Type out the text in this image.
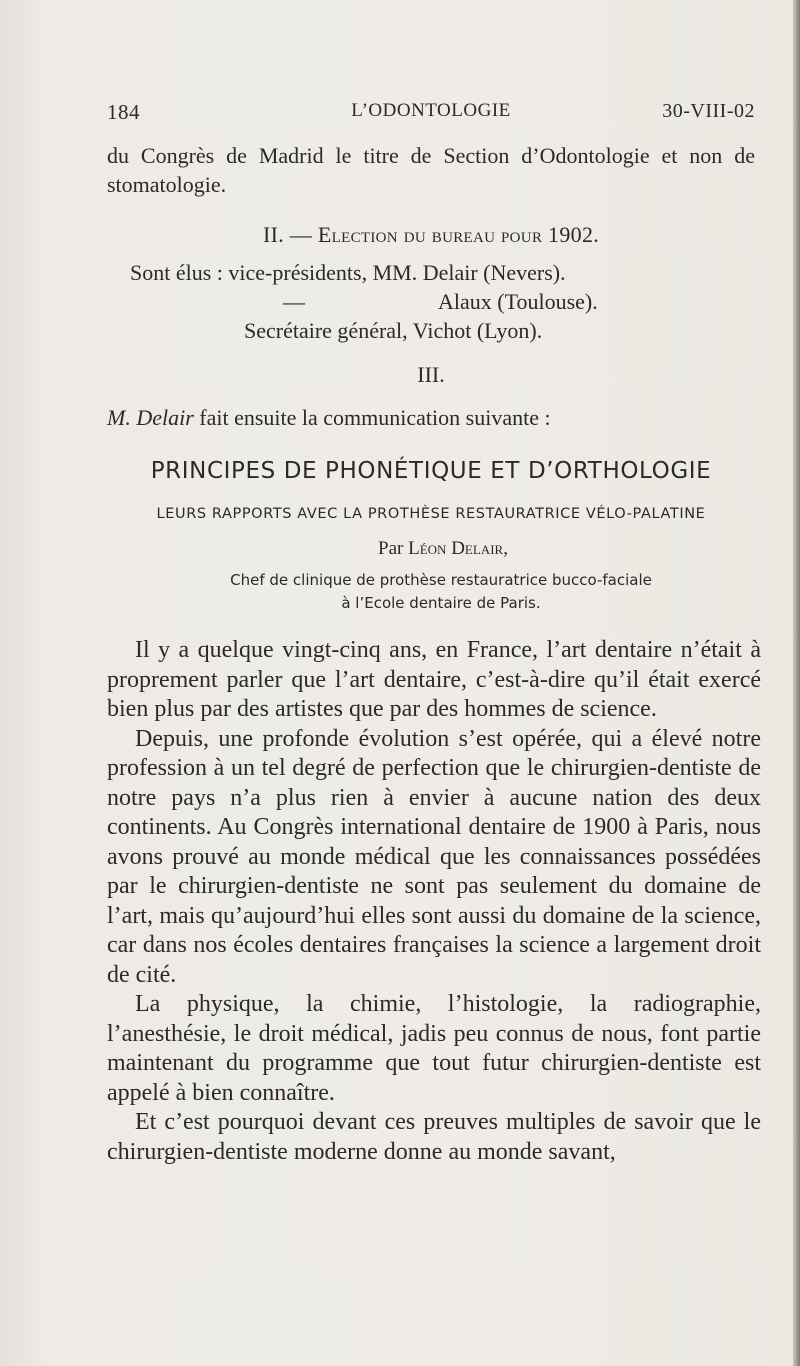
184	L’ODONTOLOGIE	30-VIII-02
du Congrès de Madrid le titre de Section d’Odontologie et non de stomatologie.
II. — Election du bureau pour 1902.
Sont élus : vice-présidents, MM. Delair (Nevers).
—	Alaux (Toulouse).
Secrétaire général, Vichot (Lyon).
III.
M. Delair fait ensuite la communication suivante :
PRINCIPES DE PHONÉTIQUE ET D’ORTHOLOGIE
LEURS RAPPORTS AVEC LA PROTHÈSE RESTAURATRICE VÉLO-PALATINE
Par Léon Delair,
Chef de clinique de prothèse restauratrice bucco-faciale
à l’Ecole dentaire de Paris.

Il y a quelque vingt-cinq ans, en France, l’art dentaire n’était à proprement parler que l’art dentaire, c’est-à-dire qu’il était exercé bien plus par des artistes que par des hommes de science.

Depuis, une profonde évolution s’est opérée, qui a élevé notre profession à un tel degré de perfection que le chirurgien-dentiste de notre pays n’a plus rien à envier à aucune nation des deux continents. Au Congrès international dentaire de 1900 à Paris, nous avons prouvé au monde médical que les connaissances possédées par le chirurgien-dentiste ne sont pas seulement du domaine de l’art, mais qu’aujourd’hui elles sont aussi du domaine de la science, car dans nos écoles dentaires françaises la science a largement droit de cité.

La physique, la chimie, l’histologie, la radiographie, l’anesthésie, le droit médical, jadis peu connus de nous, font partie maintenant du programme que tout futur chirurgien-dentiste est appelé à bien connaître.

Et c’est pourquoi devant ces preuves multiples de savoir que le chirurgien-dentiste moderne donne au monde savant,
